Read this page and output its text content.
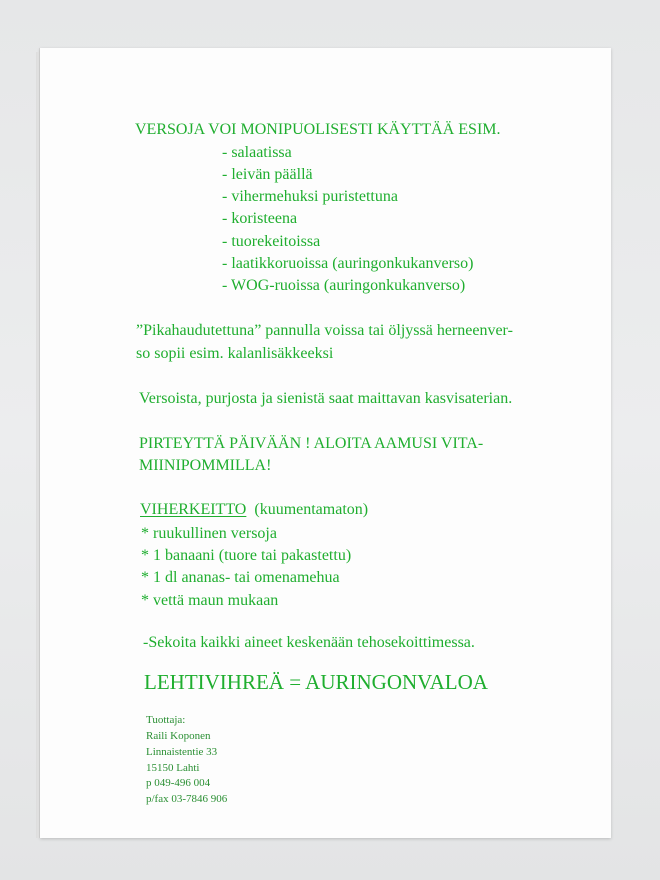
VERSOJA VOI MONIPUOLISESTI KÄYTTÄÄ ESIM.
- salaatissa
- leivän päällä
- vihermehuksi puristettuna
- koristeena
- tuorekeitoissa
- laatikkoruoissa (auringonkukanverso)
- WOG-ruoissa (auringonkukanverso)
”Pikahaudutettuna” pannulla voissa tai öljyssä herneenver-
so sopii esim. kalanlisäkkeeksi
Versoista, purjosta ja sienistä saat maittavan kasvisaterian.
PIRTEYTTÄ PÄIVÄÄN ! ALOITA AAMUSI VITA-
MIINIPOMMILLA!
VIHERKEITTO (kuumentamaton)
* ruukullinen versoja
* 1 banaani (tuore tai pakastettu)
* 1 dl ananas- tai omenamehua
* vettä maun mukaan
-Sekoita kaikki aineet keskenään tehosekoittimessa.
LEHTIVIHREÄ = AURINGONVALOA
Tuottaja:
Raili Koponen
Linnaistentie 33
15150 Lahti
p 049-496 004
p/fax 03-7846 906
